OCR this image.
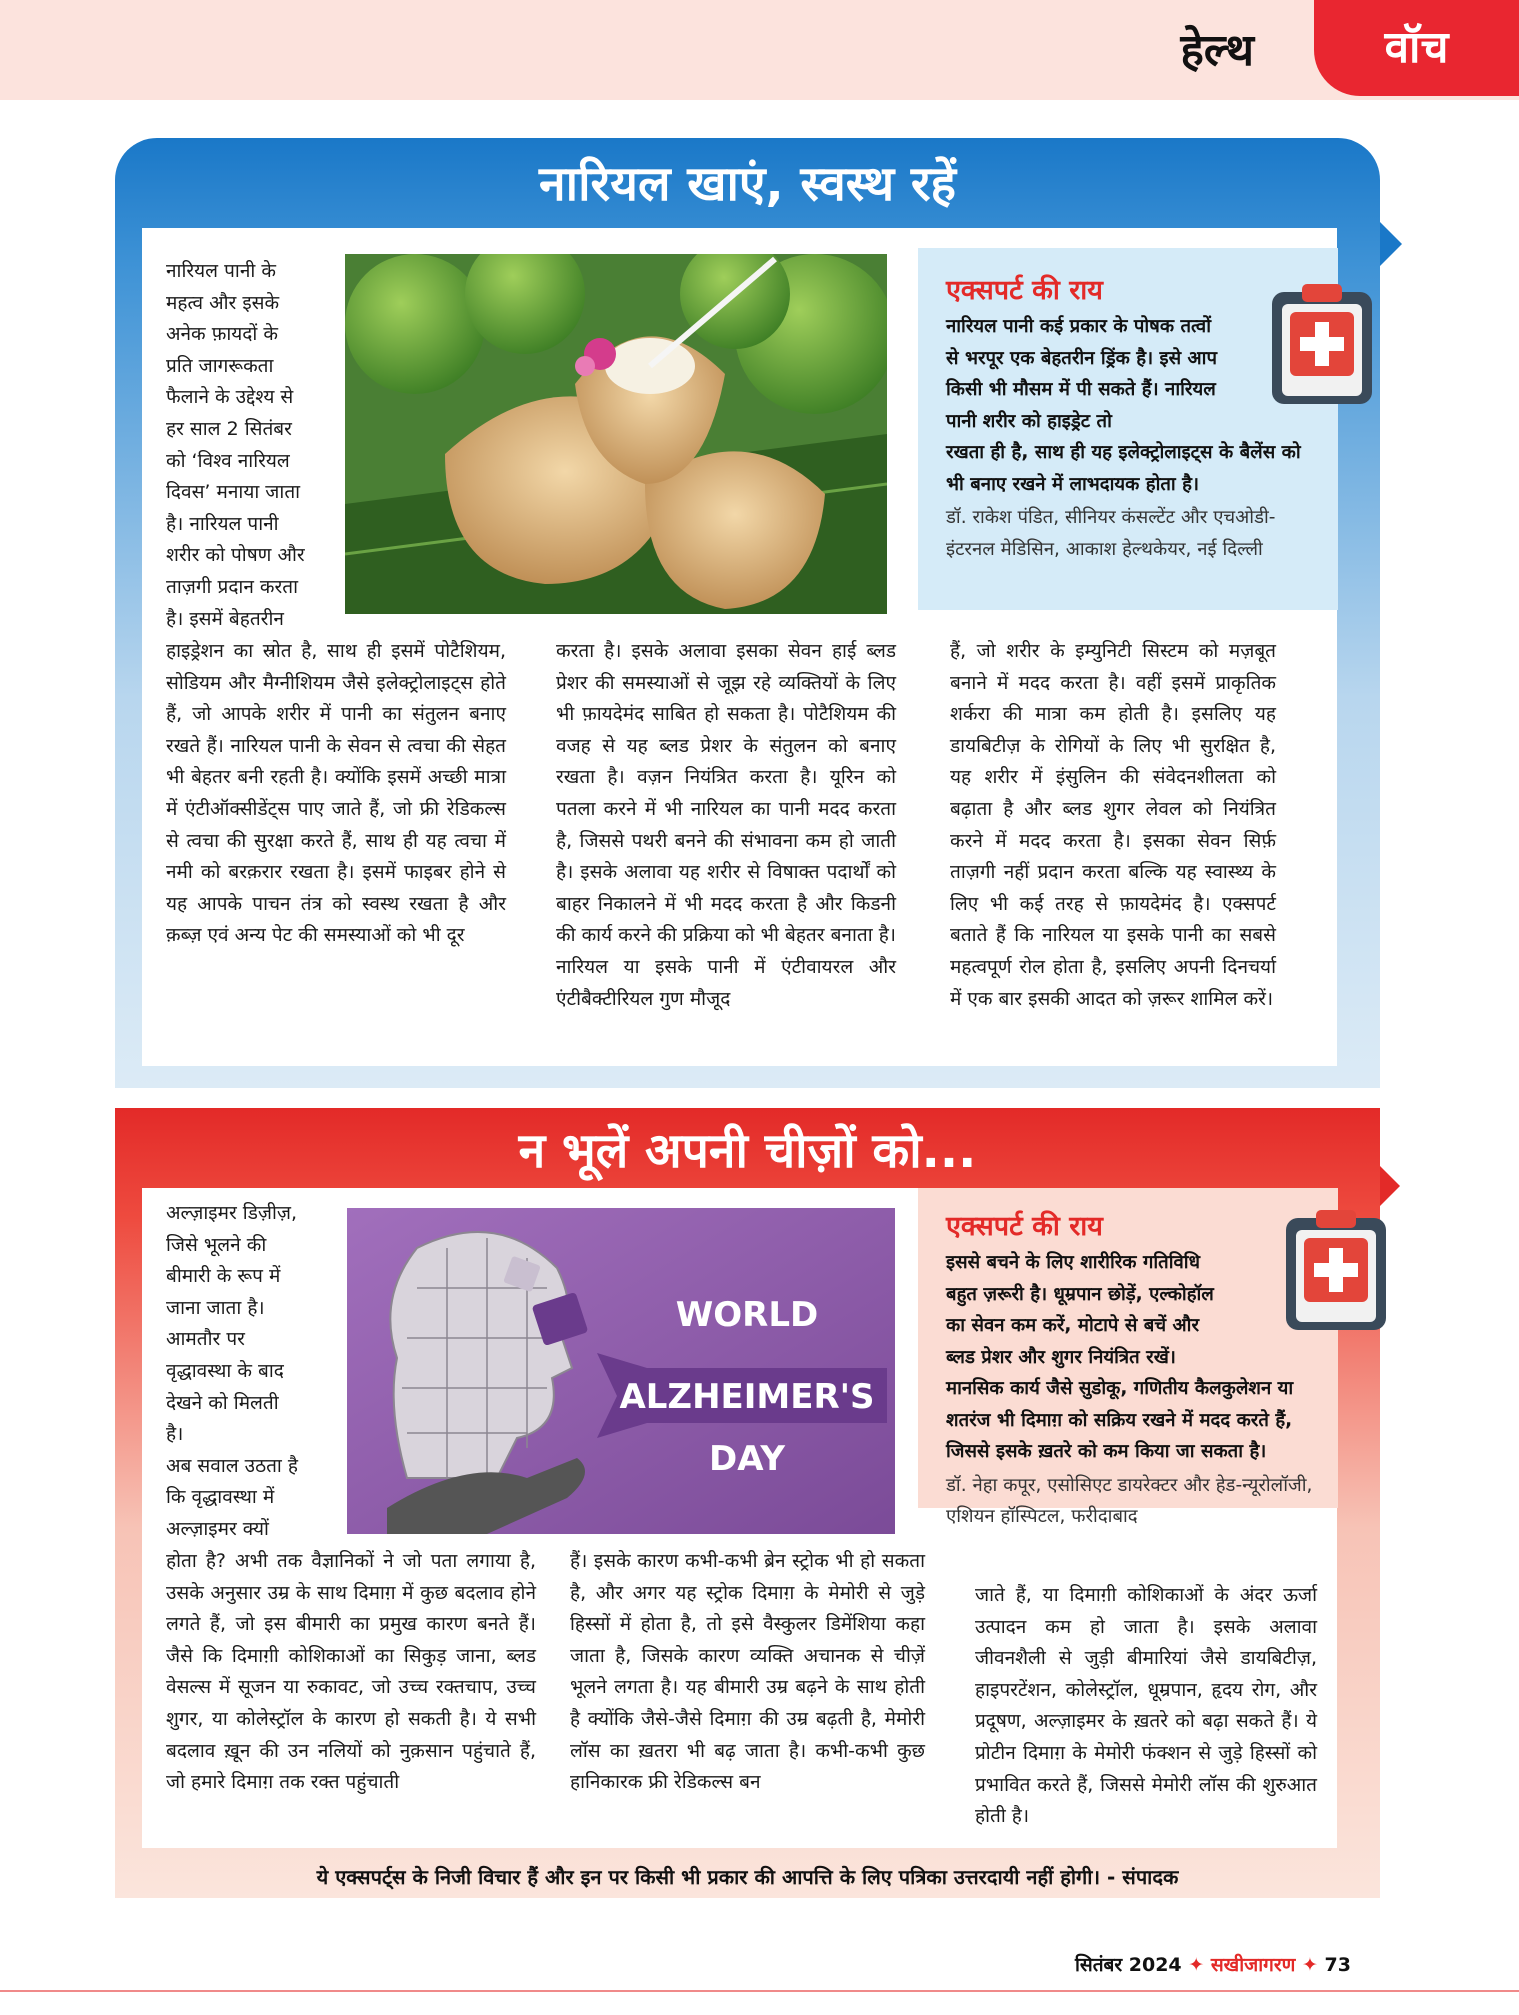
हेल्थ	वॉच
नारियल खाएं, स्वस्थ रहें

नारियल पानी के

महत्व और इसके

अनेक फ़ायदों के

प्रति जागरूकता

फैलाने के उद्देश्य से

हर साल 2 सितंबर

को ‘विश्व नारियल

दिवस’ मनाया जाता

है। नारियल पानी

शरीर को पोषण और

ताज़गी प्रदान करता

है। इसमें बेहतरीन

हाइड्रेशन का स्रोत है, साथ ही इसमें पोटैशियम, सोडियम और मैग्नीशियम जैसे इलेक्ट्रोलाइट्स होते हैं, जो आपके शरीर में पानी का संतुलन बनाए रखते हैं। नारियल पानी के सेवन से त्वचा की सेहत भी बेहतर बनी रहती है। क्योंकि इसमें अच्छी मात्रा में एंटीऑक्सीडेंट्स पाए जाते हैं, जो फ्री रेडिकल्स से त्वचा की सुरक्षा करते हैं, साथ ही यह त्वचा में नमी को बरक़रार रखता है। इसमें फाइबर होने से यह आपके पाचन तंत्र को स्वस्थ रखता है और क़ब्ज़ एवं अन्य पेट की समस्याओं को भी दूर
करता है। इसके अलावा इसका सेवन हाई ब्लड प्रेशर की समस्याओं से जूझ रहे व्यक्तियों के लिए भी फ़ायदेमंद साबित हो सकता है। पोटैशियम की वजह से यह ब्लड प्रेशर के संतुलन को बनाए रखता है। वज़न नियंत्रित करता है। यूरिन को पतला करने में भी नारियल का पानी मदद करता है, जिससे पथरी बनने की संभावना कम हो जाती है। इसके अलावा यह शरीर से विषाक्त पदार्थों को बाहर निकालने में भी मदद करता है और किडनी की कार्य करने की प्रक्रिया को भी बेहतर बनाता है। नारियल या इसके पानी में एंटीवायरल और एंटीबैक्टीरियल गुण मौजूद
हैं, जो शरीर के इम्युनिटी सिस्टम को मज़बूत बनाने में मदद करता है। वहीं इसमें प्राकृतिक शर्करा की मात्रा कम होती है। इसलिए यह डायबिटीज़ के रोगियों के लिए भी सुरक्षित है, यह शरीर में इंसुलिन की संवेदनशीलता को बढ़ाता है और ब्लड शुगर लेवल को नियंत्रित करने में मदद करता है। इसका सेवन सिर्फ़ ताज़गी नहीं प्रदान करता बल्कि यह स्वास्थ्य के लिए भी कई तरह से फ़ायदेमंद है। एक्सपर्ट बताते हैं कि नारियल या इसके पानी का सबसे महत्वपूर्ण रोल होता है, इसलिए अपनी दिनचर्या में एक बार इसकी आदत को ज़रूर शामिल करें।
एक्सपर्ट की राय
नारियल पानी कई प्रकार के पोषक तत्वों से भरपूर एक बेहतरीन ड्रिंक है। इसे आप किसी भी मौसम में पी सकते हैं। नारियल पानी शरीर को हाइड्रेट तो
रखता ही है, साथ ही यह इलेक्ट्रोलाइट्स के बैलेंस को भी बनाए रखने में लाभदायक होता है।
डॉ. राकेश पंडित, सीनियर कंसल्टेंट और एचओडी-इंटरनल मेडिसिन, आकाश हेल्थकेयर, नई दिल्ली
न भूलें अपनी चीज़ों को...

अल्ज़ाइमर डिज़ीज़,

जिसे भूलने की

बीमारी के रूप में

जाना जाता है।

आमतौर पर

वृद्धावस्था के बाद

देखने को मिलती

है।

अब सवाल उठता है

कि वृद्धावस्था में

अल्ज़ाइमर क्यों

WORLD
ALZHEIMER'S
DAY
होता है? अभी तक वैज्ञानिकों ने जो पता लगाया है, उसके अनुसार उम्र के साथ दिमाग़ में कुछ बदलाव होने लगते हैं, जो इस बीमारी का प्रमुख कारण बनते हैं। जैसे कि दिमाग़ी कोशिकाओं का सिकुड़ जाना, ब्लड वेसल्स में सूजन या रुकावट, जो उच्च रक्तचाप, उच्च शुगर, या कोलेस्ट्रॉल के कारण हो सकती है। ये सभी बदलाव ख़ून की उन नलियों को नुक़सान पहुंचाते हैं, जो हमारे दिमाग़ तक रक्त पहुंचाती
हैं। इसके कारण कभी-कभी ब्रेन स्ट्रोक भी हो सकता है, और अगर यह स्ट्रोक दिमाग़ के मेमोरी से जुड़े हिस्सों में होता है, तो इसे वैस्कुलर डिमेंशिया कहा जाता है, जिसके कारण व्यक्ति अचानक से चीज़ें भूलने लगता है। यह बीमारी उम्र बढ़ने के साथ होती है क्योंकि जैसे-जैसे दिमाग़ की उम्र बढ़ती है, मेमोरी लॉस का ख़तरा भी बढ़ जाता है। कभी-कभी कुछ हानिकारक फ्री रेडिकल्स बन
जाते हैं, या दिमाग़ी कोशिकाओं के अंदर ऊर्जा उत्पादन कम हो जाता है। इसके अलावा जीवनशैली से जुड़ी बीमारियां जैसे डायबिटीज़, हाइपरटेंशन, कोलेस्ट्रॉल, धूम्रपान, हृदय रोग, और प्रदूषण, अल्ज़ाइमर के ख़तरे को बढ़ा सकते हैं। ये प्रोटीन दिमाग़ के मेमोरी फंक्शन से जुड़े हिस्सों को प्रभावित करते हैं, जिससे मेमोरी लॉस की शुरुआत होती है।
एक्सपर्ट की राय
इससे बचने के लिए शारीरिक गतिविधि बहुत ज़रूरी है। धूम्रपान छोड़ें, एल्कोहॉल का सेवन कम करें, मोटापे से बचें और ब्लड प्रेशर और शुगर नियंत्रित रखें।
मानसिक कार्य जैसे सुडोकू, गणितीय कैलकुलेशन या शतरंज भी दिमाग़ को सक्रिय रखने में मदद करते हैं, जिससे इसके ख़तरे को कम किया जा सकता है।
डॉ. नेहा कपूर, एसोसिएट डायरेक्टर और हेड-न्यूरोलॉजी, एशियन हॉस्पिटल, फरीदाबाद
ये एक्सपर्ट्स के निजी विचार हैं और इन पर किसी भी प्रकार की आपत्ति के लिए पत्रिका उत्तरदायी नहीं होगी। - संपादक
सितंबर 2024 ✦ सखीजागरण ✦ 73
